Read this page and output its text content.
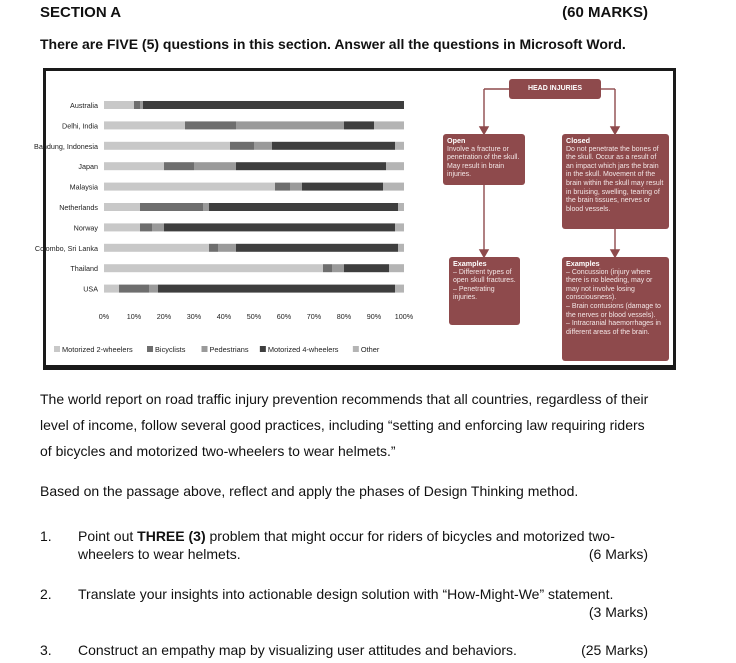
SECTION A	(60 MARKS)
There are FIVE (5) questions in this section. Answer all the questions in Microsoft Word.
Australia
Delhi, India
Bandung, Indonesia
Japan
Malaysia
Netherlands
Norway
Colombo, Sri Lanka
Thailand
USA
0% 10% 20% 30% 40% 50% 60% 70% 80% 90% 100%
Motorized 2-wheelers	Bicyclists	Pedestrians	Motorized 4-wheelers	Other
HEAD INJURIES
Open
Involve a fracture or penetration of the skull. May result in brain injuries.
Closed
Do not penetrate the bones of the skull. Occur as a result of an impact which jars the brain in the skull. Movement of the brain within the skull may result in bruising, swelling, tearing of the brain tissues, nerves or blood vessels.
Examples
– Different types of open skull fractures.
– Penetrating injuries.
Examples
– Concussion (injury where there is no bleeding, may or may not involve losing consciousness).
– Brain contusions (damage to the nerves or blood vessels).
– Intracranial haemorrhages in different areas of the brain.
The world report on road traffic injury prevention recommends that all countries, regardless of their level of income, follow several good practices, including “setting and enforcing law requiring riders of bicycles and motorized two-wheelers to wear helmets.”
Based on the passage above, reflect and apply the phases of Design Thinking method.
1. Point out THREE (3) problem that might occur for riders of bicycles and motorized two-wheelers to wear helmets.	(6 Marks)
2. Translate your insights into actionable design solution with “How-Might-We” statement.
(3 Marks)
3. Construct an empathy map by visualizing user attitudes and behaviors.	(25 Marks)
